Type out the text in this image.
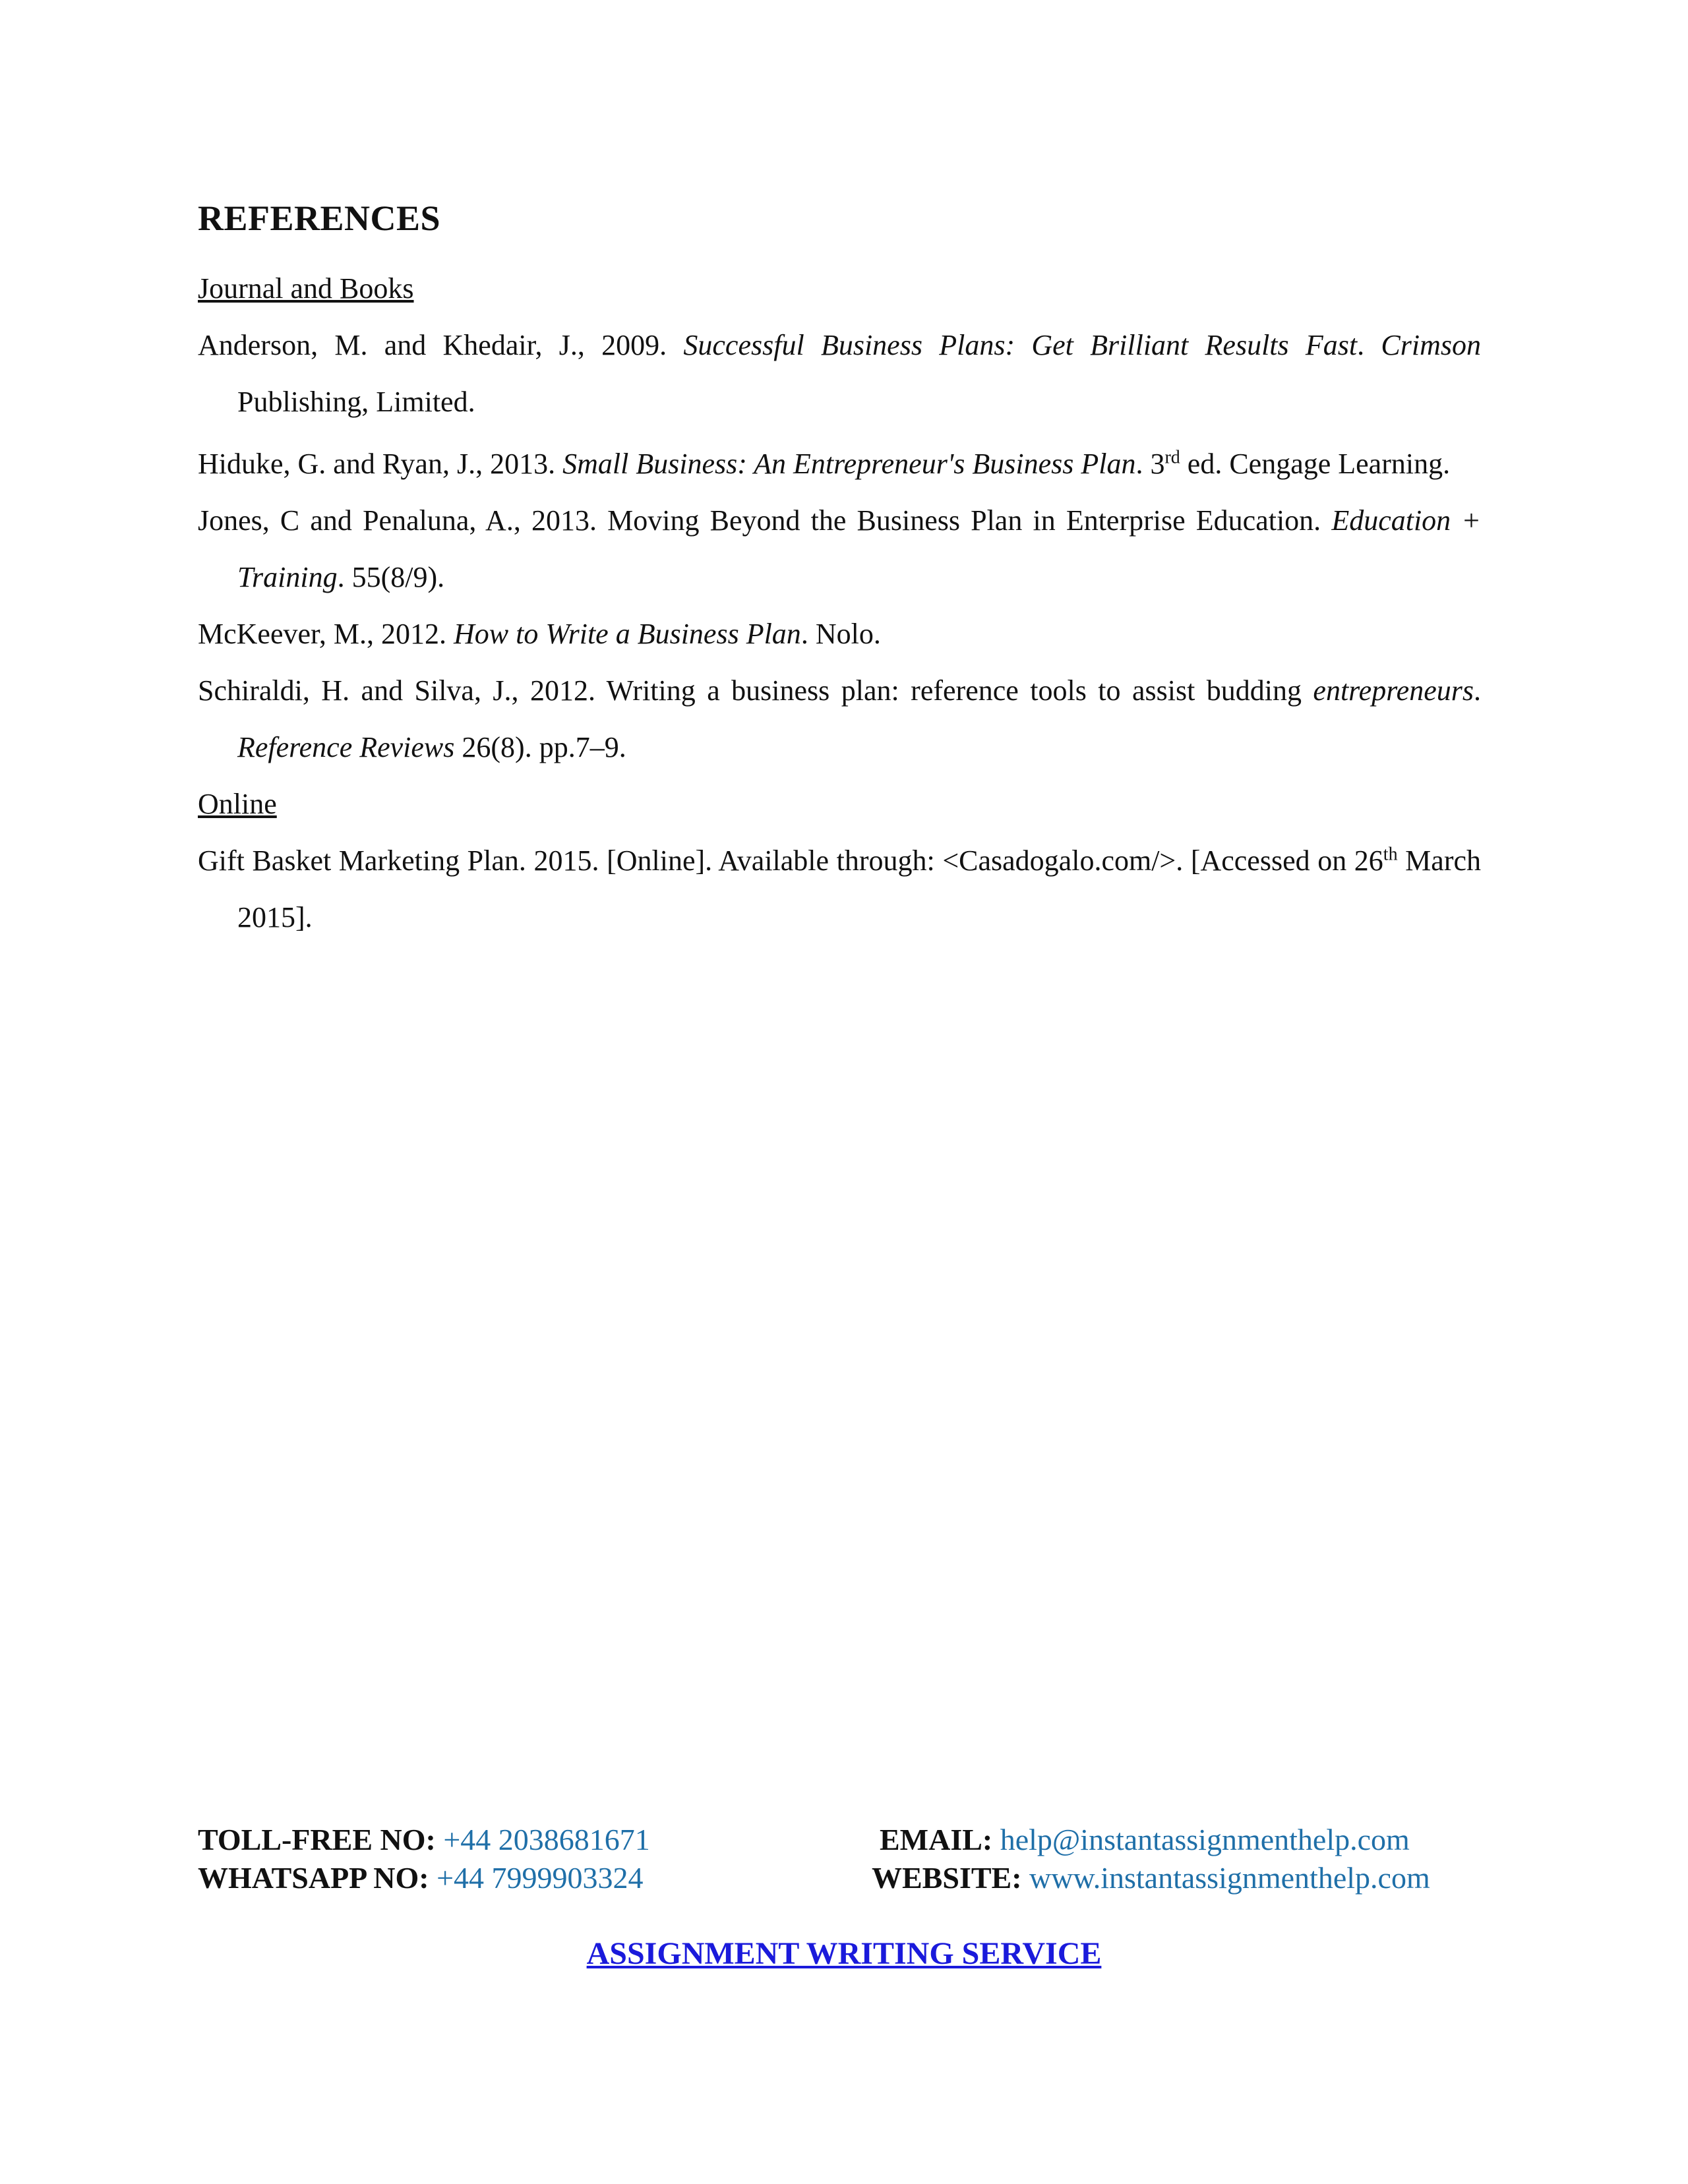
REFERENCES

Journal and Books

Anderson, M. and Khedair, J., 2009. Successful Business Plans: Get Brilliant Results Fast. Crimson Publishing, Limited.

Hiduke, G. and Ryan, J., 2013. Small Business: An Entrepreneur's Business Plan. 3rd ed. Cengage Learning.

Jones, C and Penaluna, A., 2013. Moving Beyond the Business Plan in Enterprise Education. Education + Training. 55(8/9).

McKeever, M., 2012. How to Write a Business Plan. Nolo.

Schiraldi, H. and Silva, J., 2012. Writing a business plan: reference tools to assist budding entrepreneurs. Reference Reviews 26(8). pp.7–9.

Online

Gift Basket Marketing Plan. 2015. [Online]. Available through: <Casadogalo.com/>. [Accessed on 26th March 2015].

TOLL-FREE NO: +44 2038681671	EMAIL: help@instantassignmenthelp.com
WHATSAPP NO: +44 7999903324	WEBSITE: www.instantassignmenthelp.com
ASSIGNMENT WRITING SERVICE
